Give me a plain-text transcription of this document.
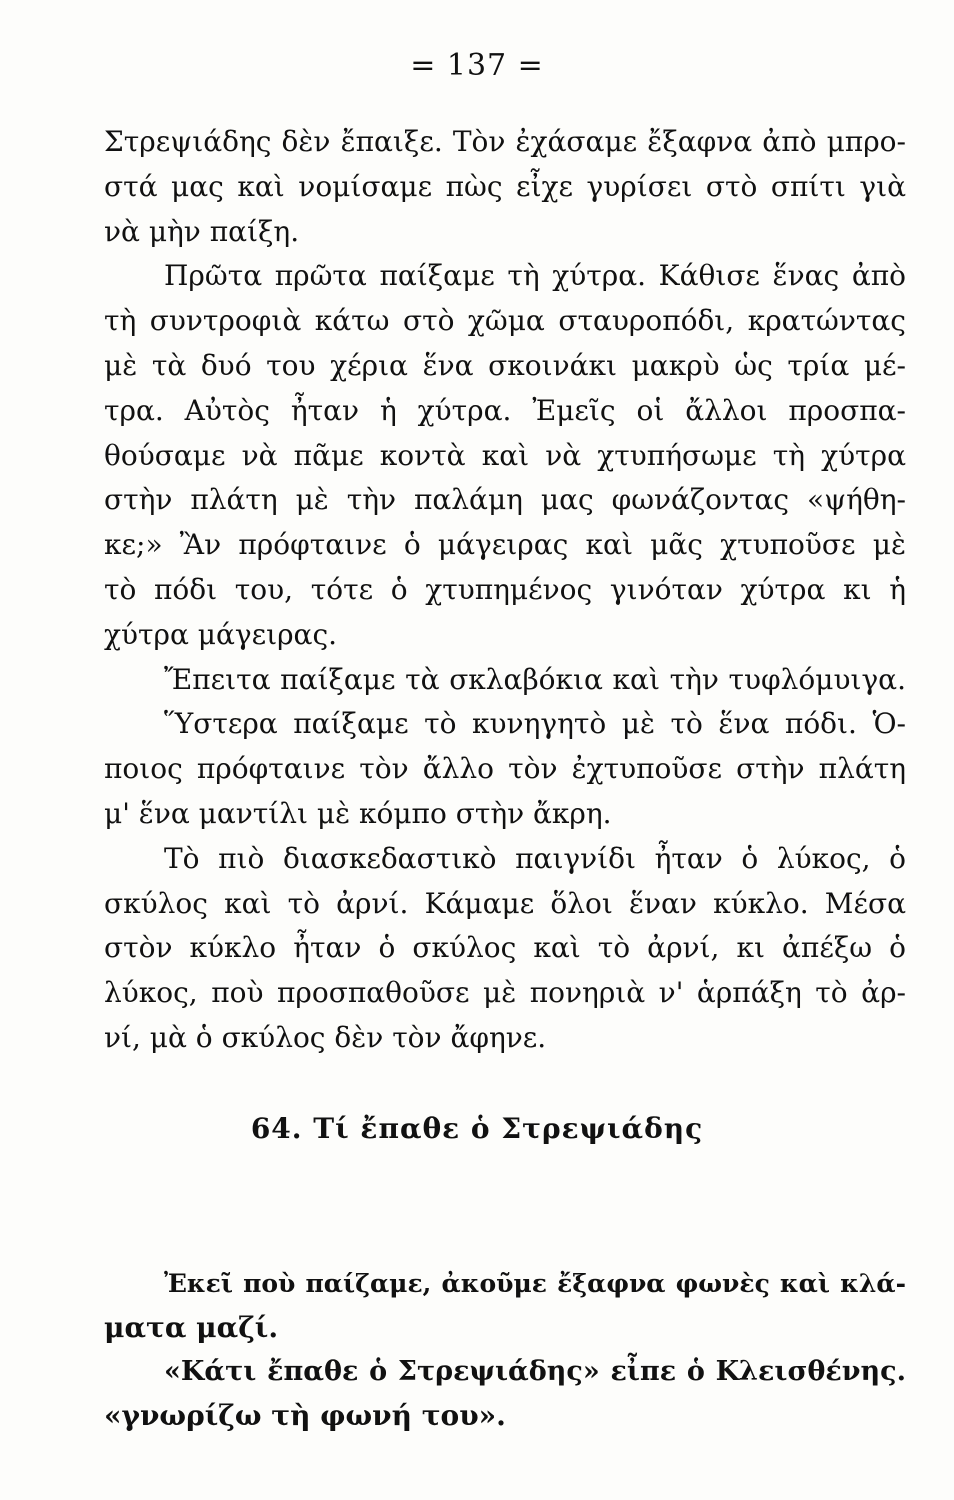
= 137 =
Στρεψιάδης δὲν ἔπαιξε. Τὸν ἐχάσαμε ἔξαφνα ἀπὸ μπρο-
στά μας καὶ νομίσαμε πὼς εἶχε γυρίσει στὸ σπίτι γιὰ
νὰ μὴν παίξη.
Πρῶτα πρῶτα παίξαμε τὴ χύτρα. Κάθισε ἕνας ἀπὸ
τὴ συντροφιὰ κάτω στὸ χῶμα σταυροπόδι, κρατώντας
μὲ τὰ δυό του χέρια ἕνα σκοινάκι μακρὺ ὡς τρία μέ-
τρα. Αὐτὸς ἦταν ἡ χύτρα. Ἐμεῖς οἱ ἄλλοι προσπα-
θούσαμε νὰ πᾶμε κοντὰ καὶ νὰ χτυπήσωμε τὴ χύτρα
στὴν πλάτη μὲ τὴν παλάμη μας φωνάζοντας «ψήθη-
κε;» Ἂν πρόφταινε ὁ μάγειρας καὶ μᾶς χτυποῦσε μὲ
τὸ πόδι του, τότε ὁ χτυπημένος γινόταν χύτρα κι ἡ
χύτρα μάγειρας.
Ἔπειτα παίξαμε τὰ σκλαβόκια καὶ τὴν τυφλόμυιγα.
Ὕστερα παίξαμε τὸ κυνηγητὸ μὲ τὸ ἕνα πόδι. Ὁ-
ποιος πρόφταινε τὸν ἄλλο τὸν ἐχτυποῦσε στὴν πλάτη
μ' ἕνα μαντίλι μὲ κόμπο στὴν ἄκρη.
Τὸ πιὸ διασκεδαστικὸ παιγνίδι ἦταν ὁ λύκος, ὁ
σκύλος καὶ τὸ ἀρνί. Κάμαμε ὅλοι ἕναν κύκλο. Μέσα
στὸν κύκλο ἦταν ὁ σκύλος καὶ τὸ ἀρνί, κι ἀπέξω ὁ
λύκος, ποὺ προσπαθοῦσε μὲ πονηριὰ ν' ἁρπάξη τὸ ἀρ-
νί, μὰ ὁ σκύλος δὲν τὸν ἄφηνε.
64. Τί ἔπαθε ὁ Στρεψιάδης
Ἐκεῖ ποὺ παίζαμε, ἀκοῦμε ἔξαφνα φωνὲς καὶ κλά-
ματα μαζί.
«Κάτι ἔπαθε ὁ Στρεψιάδης» εἶπε ὁ Κλεισθένης.
«γνωρίζω τὴ φωνή του».
